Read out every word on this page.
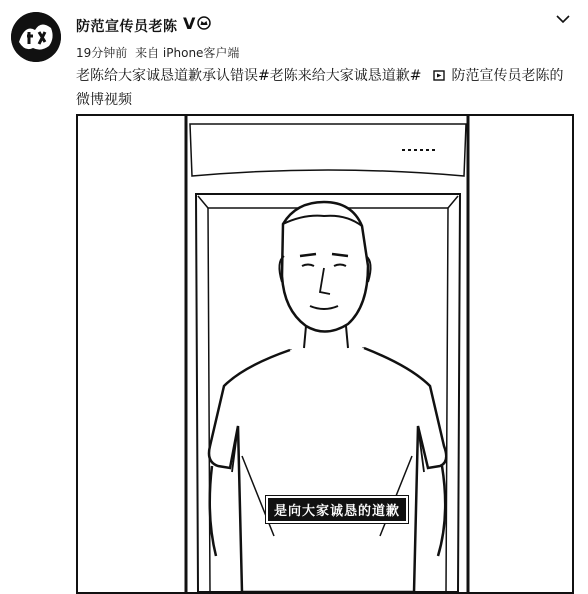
防范宣传员老陈 V
19分钟前 来自 iPhone客户端
老陈给大家诚恳道歉承认错误#老陈来给大家诚恳道歉# 防范宣传员老陈的微博视频
是向大家诚恳的道歉
